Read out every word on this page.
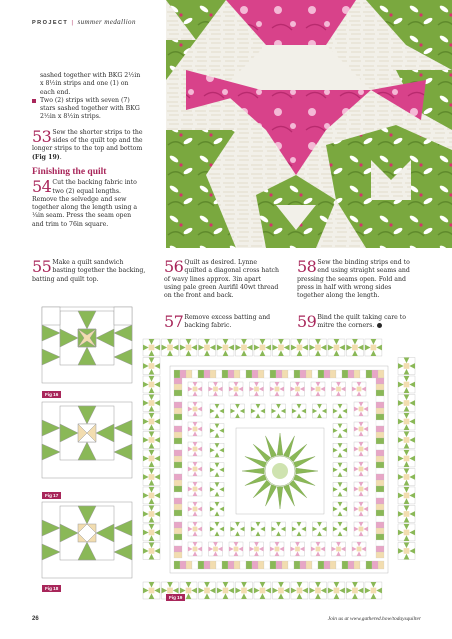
PROJECT | summer medallion

sashed together with BKG 2½in x 8½in strips and one (1) on each end.

Two (2) strips with seven (7) stars sashed together with BKG 2½in x 8½in strips.

53 Sew the shorter strips to the sides of the quilt top and the longer strips to the top and bottom (Fig 19).
Finishing the quilt
54 Cut the backing fabric into two (2) equal lengths. Remove the selvedge and sew together along the length using a ¼in seam. Press the seam open and trim to 76in square.
55 Make a quilt sandwich basting together the backing, batting and quilt top.
56 Quilt as desired. Lynne quilted a diagonal cross hatch of wavy lines approx. 3in apart using pale green Aurifil 40wt thread on the front and back.
58 Sew the binding strips end to end using straight seams and pressing the seams open. Fold and press in half with wrong sides together along the length.
57 Remove excess batting and backing fabric.	59 Bind the quilt taking care to mitre the corners.
Fig 16
Fig 17
Fig 18
Fig 19
26	Join us at www.gathered.how/todaysquilter
